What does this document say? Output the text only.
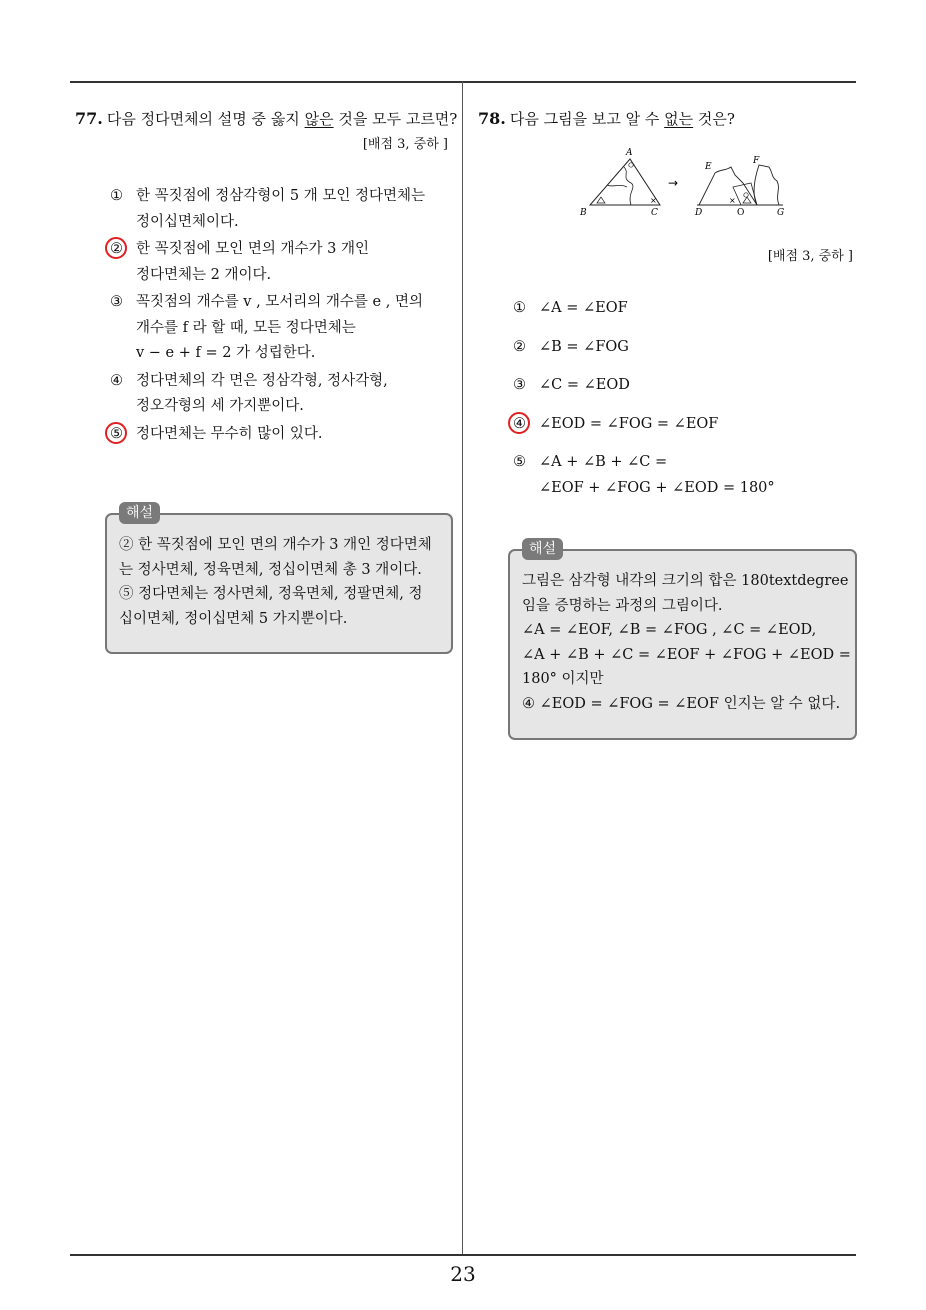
23
77. 다음 정다면체의 설명 중 옳지 않은 것을 모두 고르면?
[배점 3, 중하 ]
① 한 꼭짓점에 정삼각형이 5 개 모인 정다면체는
정이십면체이다.
② 한 꼭짓점에 모인 면의 개수가 3 개인
정다면체는 2 개이다.
③ 꼭짓점의 개수를 v , 모서리의 개수를 e , 면의
개수를 f 라 할 때, 모든 정다면체는
v − e + f = 2 가 성립한다.
④ 정다면체의 각 면은 정삼각형, 정사각형,
정오각형의 세 가지뿐이다.
⑤ 정다면체는 무수히 많이 있다.
② 한 꼭짓점에 모인 면의 개수가 3 개인 정다면체
는 정사면체, 정육면체, 정십이면체 총 3 개이다.
⑤ 정다면체는 정사면체, 정육면체, 정팔면체, 정
십이면체, 정이십면체 5 가지뿐이다.
해설
78. 다음 그림을 보고 알 수 없는 것은?
×
A
B	C
→
×
E
F
D	O	G
[배점 3, 중하 ]
① ∠A = ∠EOF
② ∠B = ∠FOG
③ ∠C = ∠EOD
④ ∠EOD = ∠FOG = ∠EOF
⑤ ∠A + ∠B + ∠C =
∠EOF + ∠FOG + ∠EOD = 180°
그림은 삼각형 내각의 크기의 합은 180textdegree
임을 증명하는 과정의 그림이다.
∠A = ∠EOF, ∠B = ∠FOG , ∠C = ∠EOD,
∠A + ∠B + ∠C = ∠EOF + ∠FOG + ∠EOD =
180° 이지만
④ ∠EOD = ∠FOG = ∠EOF 인지는 알 수 없다.
해설
